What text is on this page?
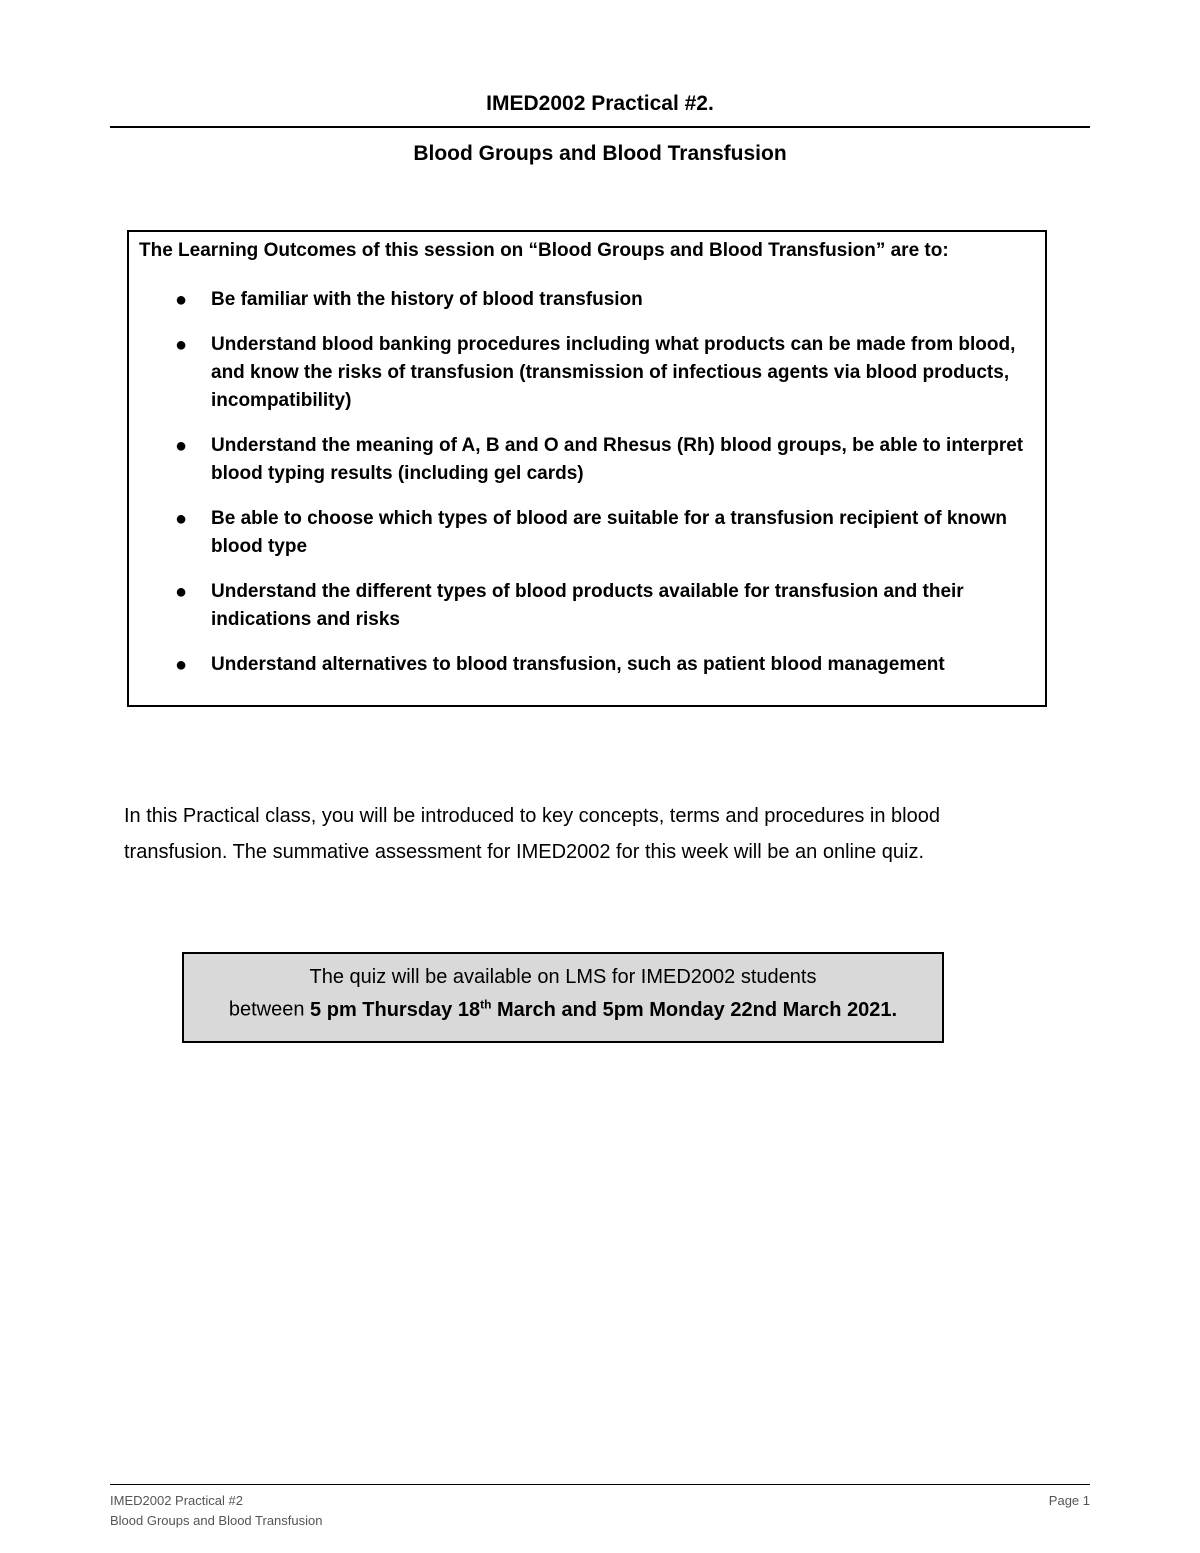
IMED2002 Practical #2.
Blood Groups and Blood Transfusion

The Learning Outcomes of this session on “Blood Groups and Blood Transfusion” are to:

● Be familiar with the history of blood transfusion
● Understand blood banking procedures including what products can be made from blood, and know the risks of transfusion (transmission of infectious agents via blood products, incompatibility)
● Understand the meaning of A, B and O and Rhesus (Rh) blood groups, be able to interpret blood typing results (including gel cards)
● Be able to choose which types of blood are suitable for a transfusion recipient of known blood type
● Understand the different types of blood products available for transfusion and their indications and risks
● Understand alternatives to blood transfusion, such as patient blood management

In this Practical class, you will be introduced to key concepts, terms and procedures in blood transfusion. The summative assessment for IMED2002 for this week will be an online quiz.

The quiz will be available on LMS for IMED2002 students

between 5 pm Thursday 18th March and 5pm Monday 22nd March 2021.

IMED2002 Practical #2	Page 1
Blood Groups and Blood Transfusion
